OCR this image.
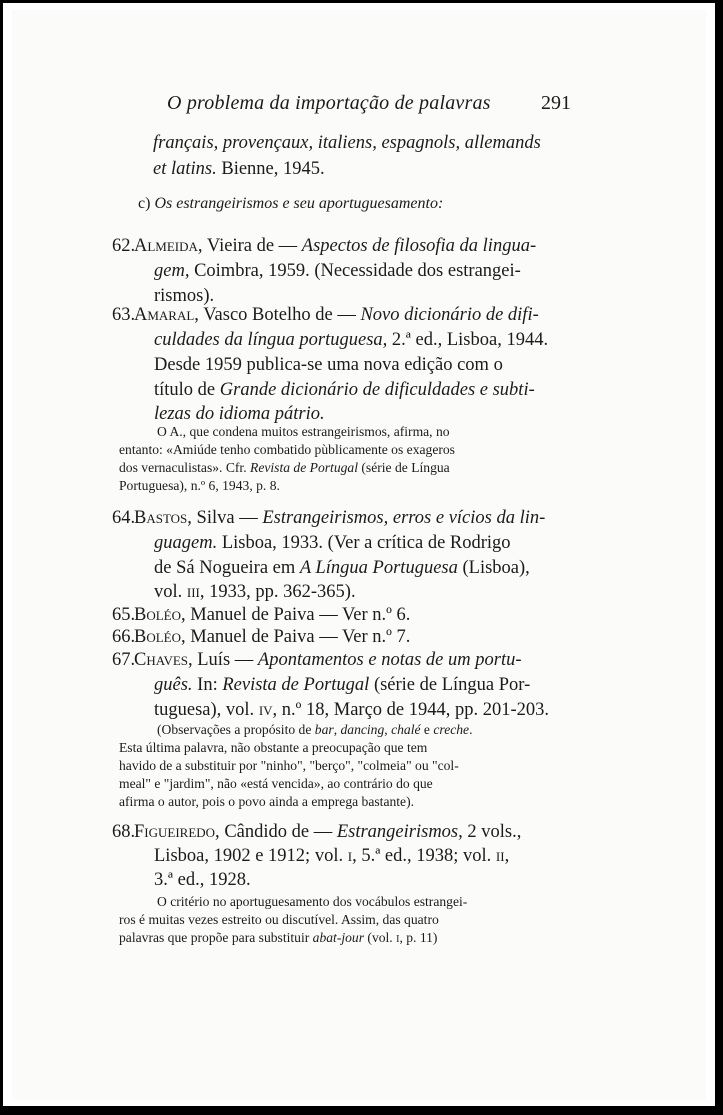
O problema da importação de palavras	291
français, provençaux, italiens, espagnols, allemands
et latins. Bienne, 1945.
c) Os estrangeirismos e seu aportuguesamento:
62.
Almeida, Vieira de — Aspectos de filosofia da lingua-
gem, Coimbra, 1959. (Necessidade dos estrangei-
rismos).
63.
Amaral, Vasco Botelho de — Novo dicionário de difi-
culdades da língua portuguesa, 2.ª ed., Lisboa, 1944.
Desde 1959 publica-se uma nova edição com o
título de Grande dicionário de dificuldades e subti-
lezas do idioma pátrio.
O A., que condena muitos estrangeirismos, afirma, no
entanto: «Amiúde tenho combatido pùblicamente os exageros
dos vernaculistas». Cfr. Revista de Portugal (série de Língua
Portuguesa), n.º 6, 1943, p. 8.
64.
Bastos, Silva — Estrangeirismos, erros e vícios da lin-
guagem. Lisboa, 1933. (Ver a crítica de Rodrigo
de Sá Nogueira em A Língua Portuguesa (Lisboa),
vol. iii, 1933, pp. 362-365).
65.
Boléo, Manuel de Paiva — Ver n.º 6.
66.
Boléo, Manuel de Paiva — Ver n.º 7.
67.
Chaves, Luís — Apontamentos e notas de um portu-
guês. In: Revista de Portugal (série de Língua Por-
tuguesa), vol. iv, n.º 18, Março de 1944, pp. 201-203.
(Observações a propósito de bar, dancing, chalé e creche.
Esta última palavra, não obstante a preocupação que tem
havido de a substituir por "ninho", "berço", "colmeia" ou "col-
meal" e "jardim", não «está vencida», ao contrário do que
afirma o autor, pois o povo ainda a emprega bastante).
68.
Figueiredo, Cândido de — Estrangeirismos, 2 vols.,
Lisboa, 1902 e 1912; vol. i, 5.ª ed., 1938; vol. ii,
3.ª ed., 1928.
O critério no aportuguesamento dos vocábulos estrangei-
ros é muitas vezes estreito ou discutível. Assim, das quatro
palavras que propõe para substituir abat-jour (vol. i, p. 11)
